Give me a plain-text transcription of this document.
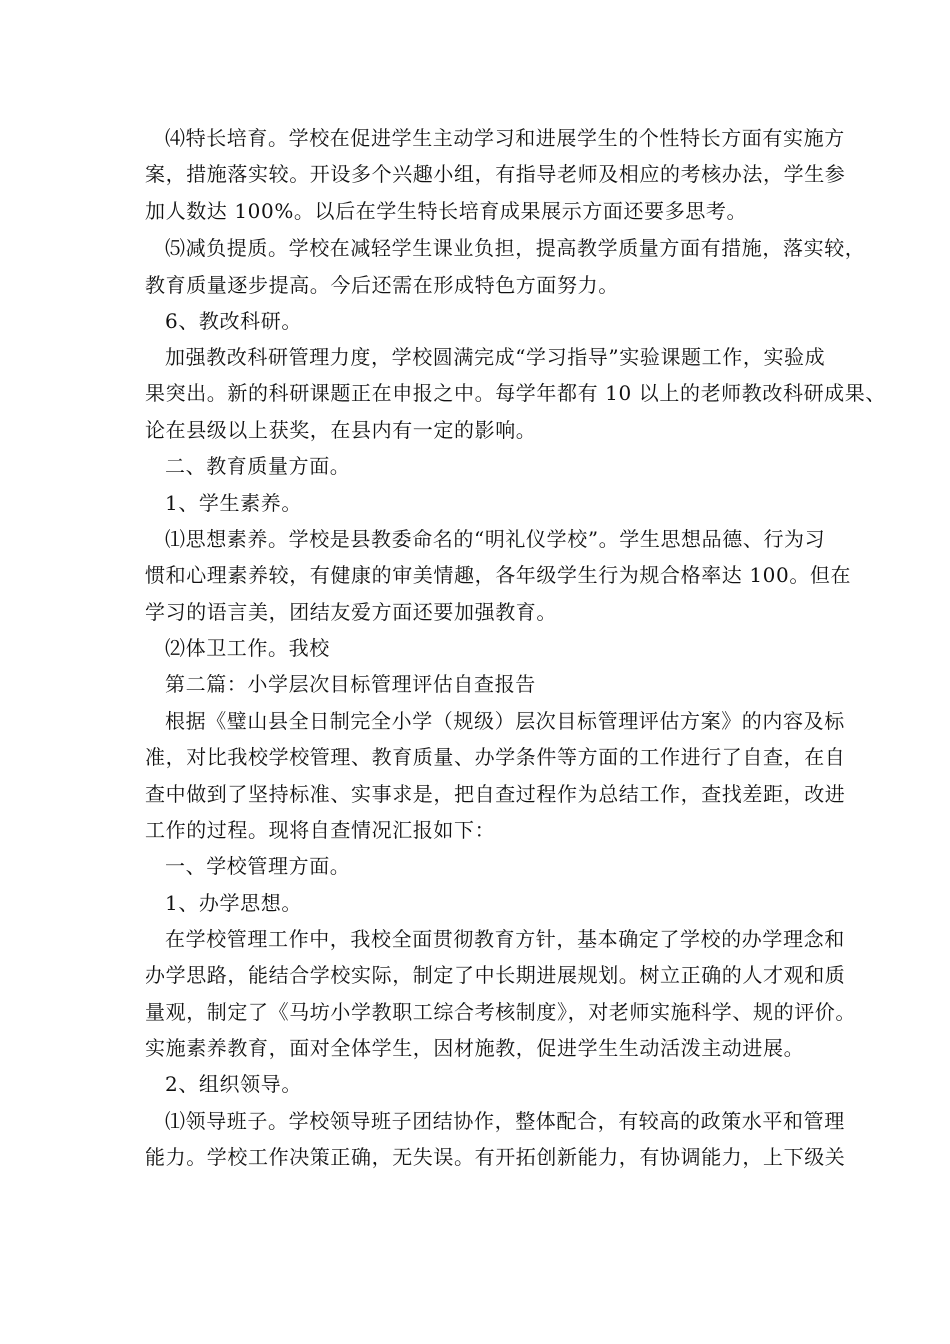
⑷特长培育。学校在促进学生主动学习和进展学生的个性特长方面有实施方
案，措施落实较。开设多个兴趣小组，有指导老师及相应的考核办法，学生参
加人数达 100%。以后在学生特长培育成果展示方面还要多思考。
⑸减负提质。学校在减轻学生课业负担，提高教学质量方面有措施，落实较，
教育质量逐步提高。今后还需在形成特色方面努力。
6、教改科研。
加强教改科研管理力度，学校圆满完成“学习指导”实验课题工作，实验成
果突出。新的科研课题正在申报之中。每学年都有 10 以上的老师教改科研成果、
论在县级以上获奖，在县内有一定的影响。
二、教育质量方面。
1、学生素养。
⑴思想素养。学校是县教委命名的“明礼仪学校”。学生思想品德、行为习
惯和心理素养较，有健康的审美情趣，各年级学生行为规合格率达 100。但在
学习的语言美，团结友爱方面还要加强教育。
⑵体卫工作。我校
第二篇：小学层次目标管理评估自查报告
根据《璧山县全日制完全小学（规级）层次目标管理评估方案》的内容及标
准，对比我校学校管理、教育质量、办学条件等方面的工作进行了自查，在自
查中做到了坚持标准、实事求是，把自查过程作为总结工作，查找差距，改进
工作的过程。现将自查情况汇报如下：
一、学校管理方面。
1、办学思想。
在学校管理工作中，我校全面贯彻教育方针，基本确定了学校的办学理念和
办学思路，能结合学校实际，制定了中长期进展规划。树立正确的人才观和质
量观，制定了《马坊小学教职工综合考核制度》，对老师实施科学、规的评价。
实施素养教育，面对全体学生，因材施教，促进学生生动活泼主动进展。
2、组织领导。
⑴领导班子。学校领导班子团结协作，整体配合，有较高的政策水平和管理
能力。学校工作决策正确，无失误。有开拓创新能力，有协调能力，上下级关
